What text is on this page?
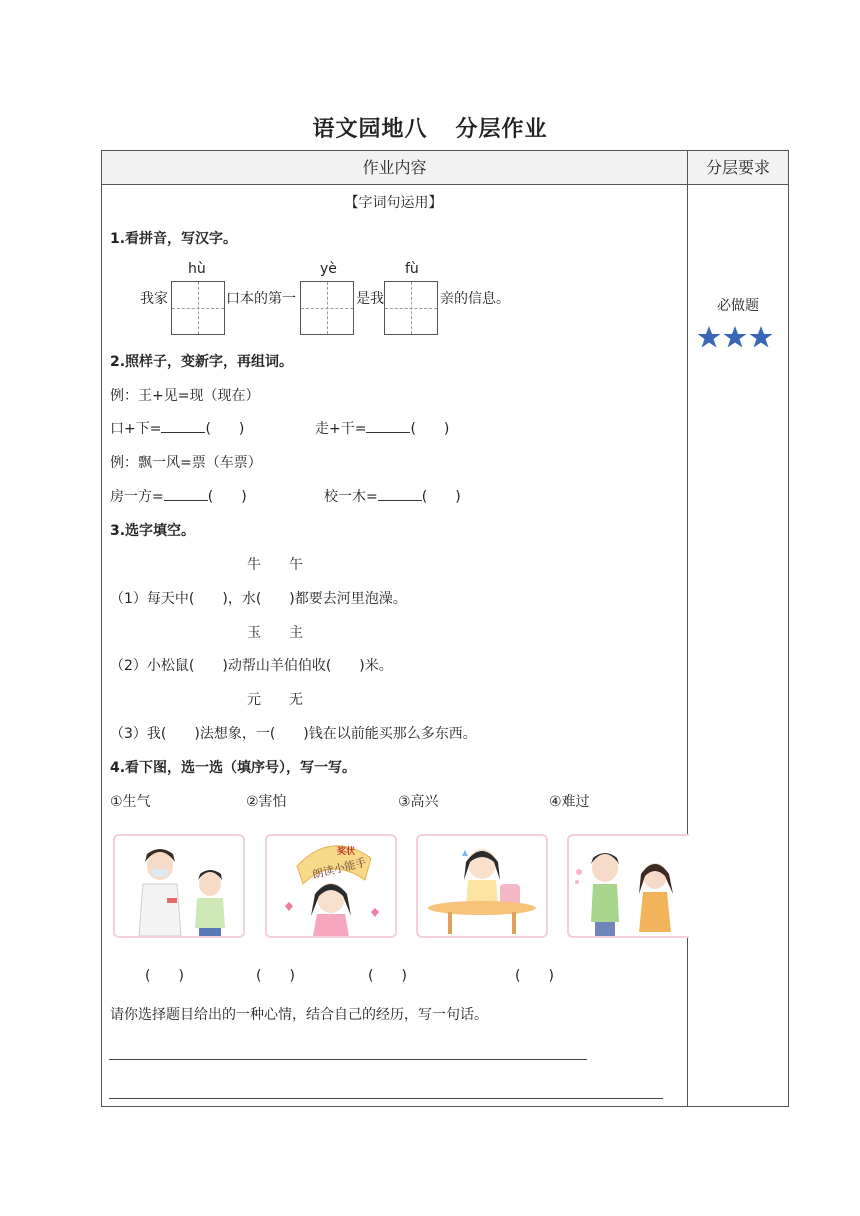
语文园地八 分层作业
作业内容	分层要求
【字词句运用】
1.看拼音，写汉字。
hù	yè	fù
我家	口本的第一	是我	亲的信息。
2.照样子，变新字，再组词。
例：王+见=现（现在）
口+下=	(　　)	走+干=	(　　)
例：飘一风=票（车票）
房一方=	(　　)	校一木=	(　　)
3.选字填空。
牛　　午
（1）每天中(　　)，水(　　)都要去河里泡澡。
玉　　主
（2）小松鼠(　　)动帮山羊伯伯收(　　)米。
元　　无
（3）我(　　)法想象，一(　　)钱在以前能买那么多东西。
4.看下图，选一选（填序号），写一写。
①生气	②害怕	③高兴	④难过
朗读小能手
奖状
(　　)	(　　)	(　　)	(　　)
请你选择题目给出的一种心情，结合自己的经历，写一句话。
必做题
